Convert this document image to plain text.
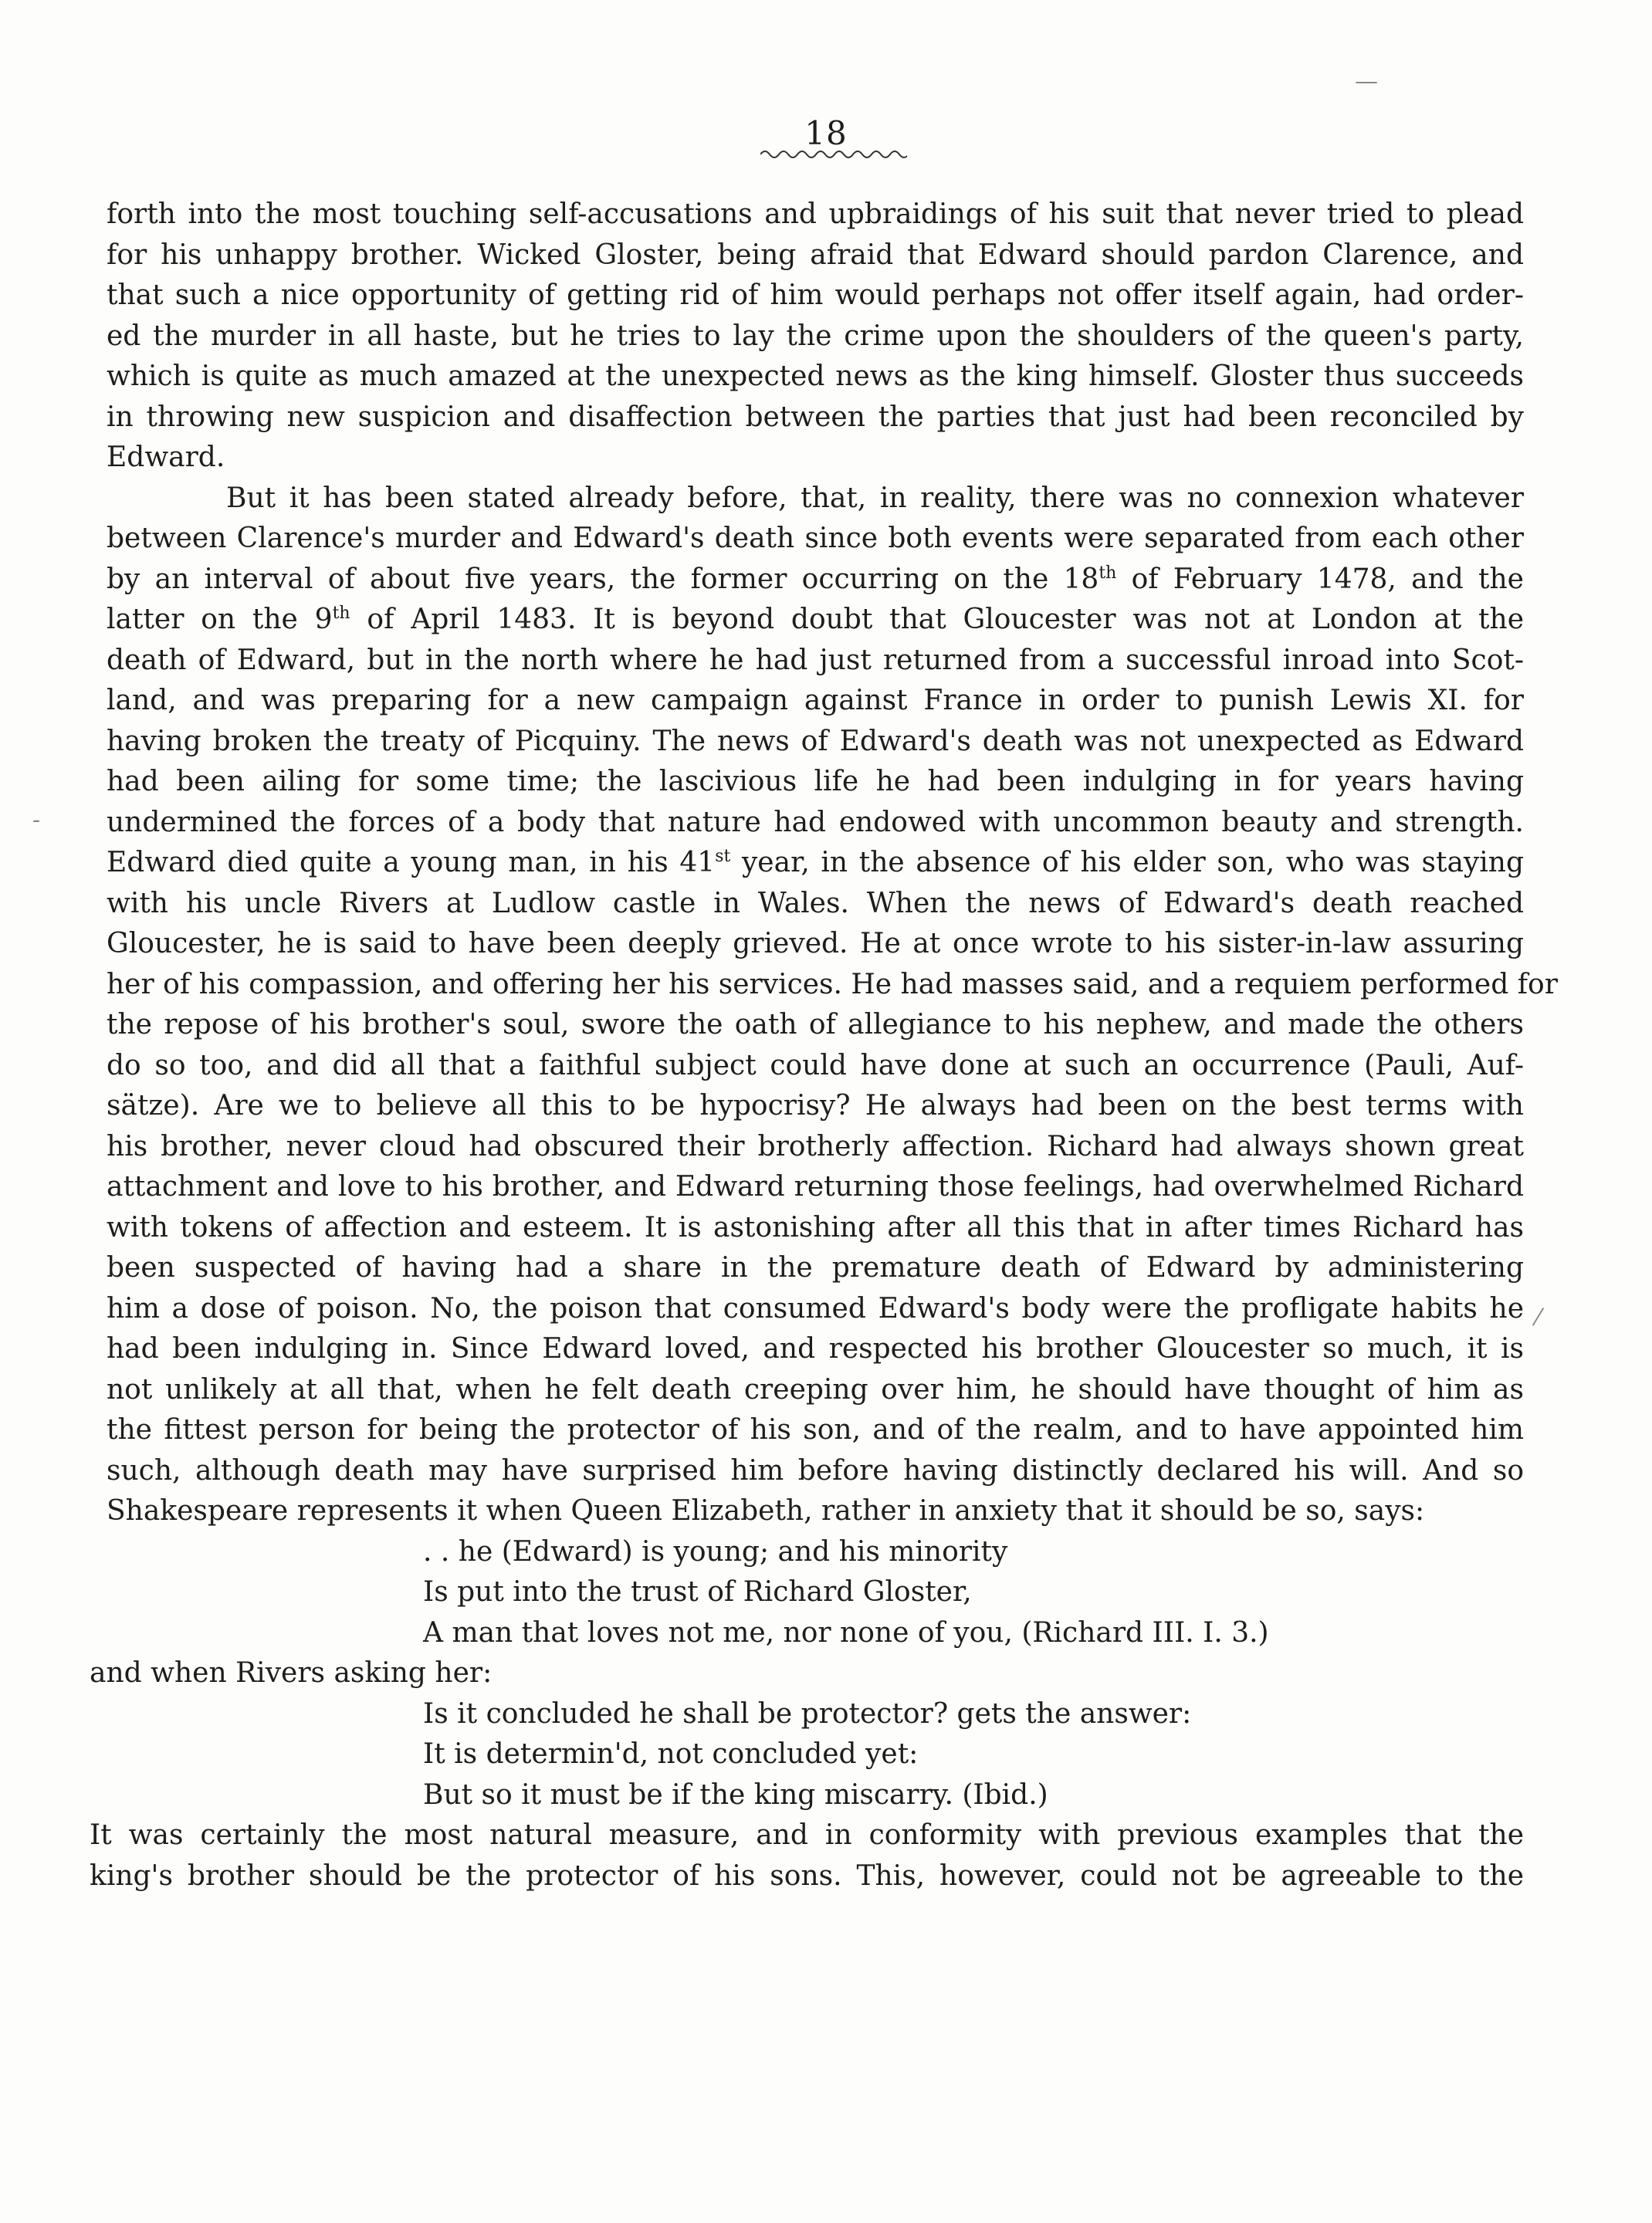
18
—
⁄
-
forth into the most touching self-accusations and upbraidings of his suit that never tried to plead
for his unhappy brother. Wicked Gloster, being afraid that Edward should pardon Clarence, and
that such a nice opportunity of getting rid of him would perhaps not offer itself again, had order-
ed the murder in all haste, but he tries to lay the crime upon the shoulders of the queen's party,
which is quite as much amazed at the unexpected news as the king himself. Gloster thus succeeds
in throwing new suspicion and disaffection between the parties that just had been reconciled by
Edward.
But it has been stated already before, that, in reality, there was no connexion whatever
between Clarence's murder and Edward's death since both events were separated from each other
by an interval of about five years, the former occurring on the 18th of February 1478, and the
latter on the 9th of April 1483. It is beyond doubt that Gloucester was not at London at the
death of Edward, but in the north where he had just returned from a successful inroad into Scot-
land, and was preparing for a new campaign against France in order to punish Lewis XI. for
having broken the treaty of Picquiny. The news of Edward's death was not unexpected as Edward
had been ailing for some time; the lascivious life he had been indulging in for years having
undermined the forces of a body that nature had endowed with uncommon beauty and strength.
Edward died quite a young man, in his 41st year, in the absence of his elder son, who was staying
with his uncle Rivers at Ludlow castle in Wales. When the news of Edward's death reached
Gloucester, he is said to have been deeply grieved. He at once wrote to his sister-in-law assuring
her of his compassion, and offering her his services. He had masses said, and a requiem performed for
the repose of his brother's soul, swore the oath of allegiance to his nephew, and made the others
do so too, and did all that a faithful subject could have done at such an occurrence (Pauli, Auf-
sätze). Are we to believe all this to be hypocrisy? He always had been on the best terms with
his brother, never cloud had obscured their brotherly affection. Richard had always shown great
attachment and love to his brother, and Edward returning those feelings, had overwhelmed Richard
with tokens of affection and esteem. It is astonishing after all this that in after times Richard has
been suspected of having had a share in the premature death of Edward by administering
him a dose of poison. No, the poison that consumed Edward's body were the profligate habits he
had been indulging in. Since Edward loved, and respected his brother Gloucester so much, it is
not unlikely at all that, when he felt death creeping over him, he should have thought of him as
the fittest person for being the protector of his son, and of the realm, and to have appointed him
such, although death may have surprised him before having distinctly declared his will. And so
Shakespeare represents it when Queen Elizabeth, rather in anxiety that it should be so, says:
. . he (Edward) is young; and his minority
Is put into the trust of Richard Gloster,
A man that loves not me, nor none of you, (Richard III. I. 3.)
and when Rivers asking her:
Is it concluded he shall be protector? gets the answer:
It is determin'd, not concluded yet:
But so it must be if the king miscarry. (Ibid.)
It was certainly the most natural measure, and in conformity with previous examples that the
king's brother should be the protector of his sons. This, however, could not be agreeable to the
